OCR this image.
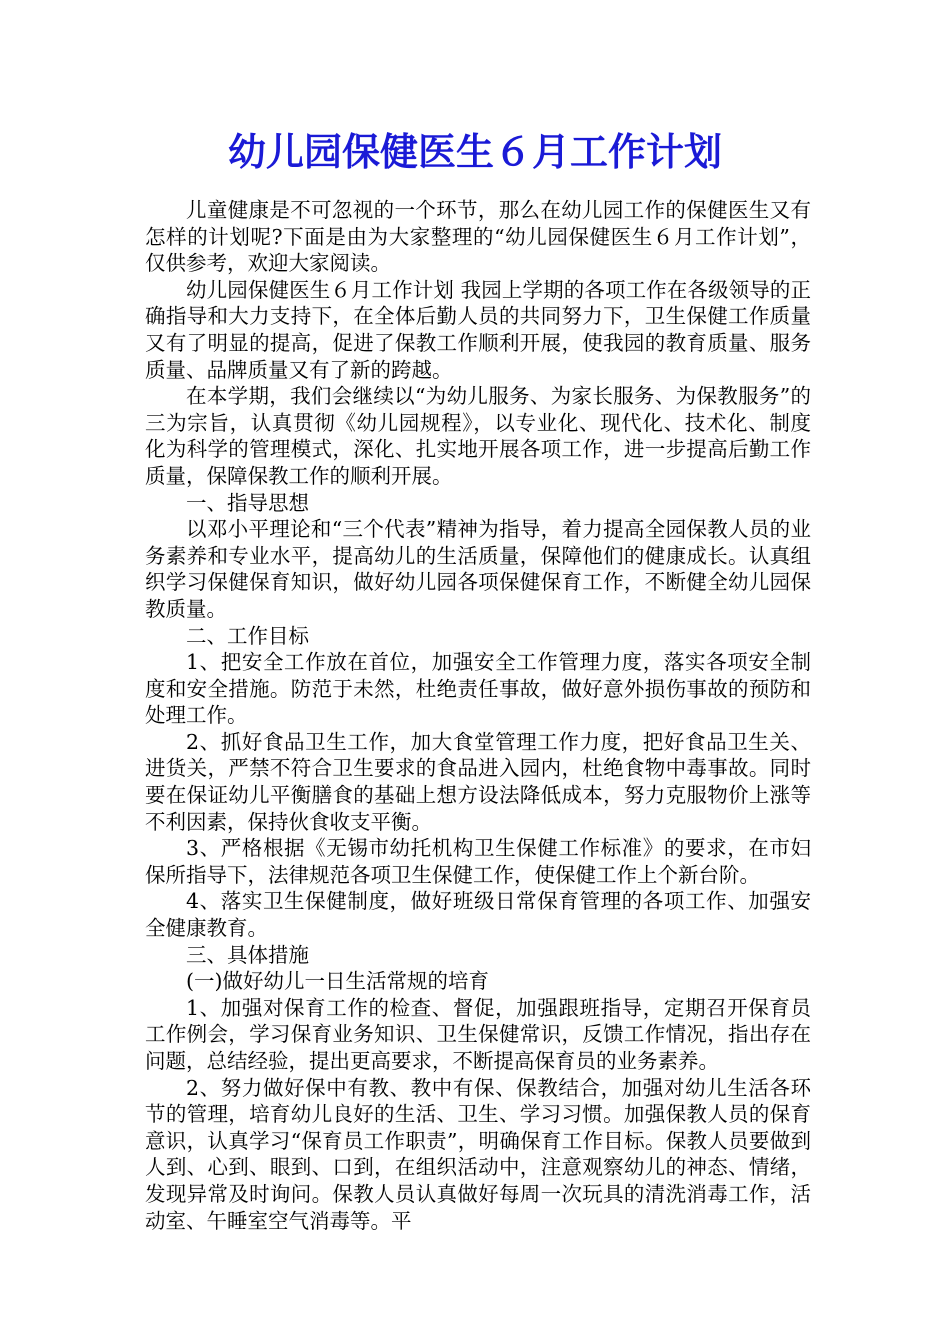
幼儿园保健医生６月工作计划

儿童健康是不可忽视的一个环节，那么在幼儿园工作的保健医生又有怎样的计划呢?下面是由为大家整理的“幼儿园保健医生６月工作计划”，仅供参考，欢迎大家阅读。

幼儿园保健医生６月工作计划 我园上学期的各项工作在各级领导的正确指导和大力支持下，在全体后勤人员的共同努力下，卫生保健工作质量又有了明显的提高，促进了保教工作顺利开展，使我园的教育质量、服务质量、品牌质量又有了新的跨越。

在本学期，我们会继续以“为幼儿服务、为家长服务、为保教服务”的三为宗旨，认真贯彻《幼儿园规程》，以专业化、现代化、技术化、制度化为科学的管理模式，深化、扎实地开展各项工作，进一步提高后勤工作质量，保障保教工作的顺利开展。

一、指导思想

以邓小平理论和“三个代表”精神为指导，着力提高全园保教人员的业务素养和专业水平，提高幼儿的生活质量，保障他们的健康成长。认真组织学习保健保育知识，做好幼儿园各项保健保育工作，不断健全幼儿园保教质量。

二、工作目标

1、把安全工作放在首位，加强安全工作管理力度，落实各项安全制度和安全措施。防范于未然，杜绝责任事故，做好意外损伤事故的预防和处理工作。

2、抓好食品卫生工作，加大食堂管理工作力度，把好食品卫生关、进货关，严禁不符合卫生要求的食品进入园内，杜绝食物中毒事故。同时要在保证幼儿平衡膳食的基础上想方设法降低成本，努力克服物价上涨等不利因素，保持伙食收支平衡。

3、严格根据《无锡市幼托机构卫生保健工作标准》的要求，在市妇保所指导下，法律规范各项卫生保健工作，使保健工作上个新台阶。

4、落实卫生保健制度，做好班级日常保育管理的各项工作、加强安全健康教育。

三、具体措施

(一)做好幼儿一日生活常规的培育

1、加强对保育工作的检查、督促，加强跟班指导，定期召开保育员工作例会，学习保育业务知识、卫生保健常识，反馈工作情况，指出存在问题，总结经验，提出更高要求，不断提高保育员的业务素养。

2、努力做好保中有教、教中有保、保教结合，加强对幼儿生活各环节的管理，培育幼儿良好的生活、卫生、学习习惯。加强保教人员的保育意识，认真学习“保育员工作职责”，明确保育工作目标。保教人员要做到人到、心到、眼到、口到，在组织活动中，注意观察幼儿的神态、情绪，发现异常及时询问。保教人员认真做好每周一次玩具的清洗消毒工作，活动室、午睡室空气消毒等。平
